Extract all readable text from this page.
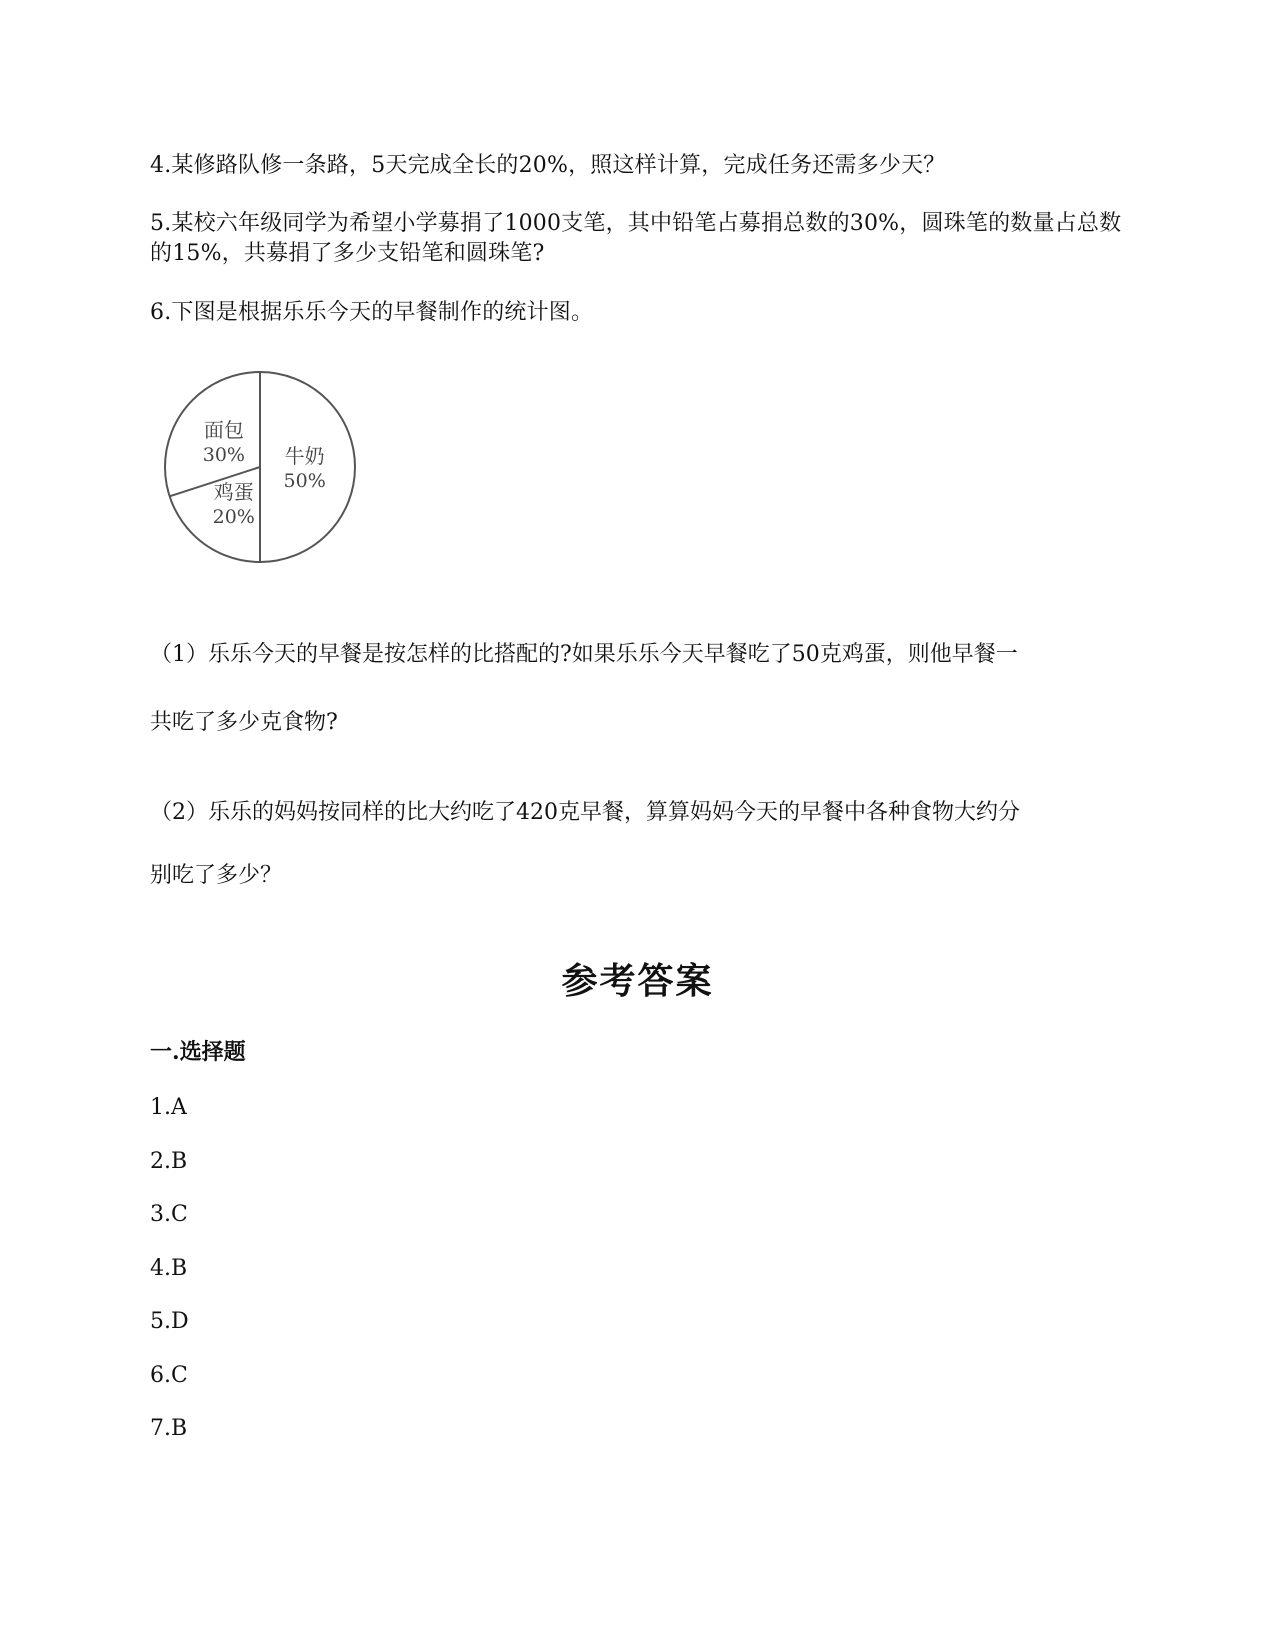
4.某修路队修一条路，5天完成全长的20%，照这样计算，完成任务还需多少天？
5.某校六年级同学为希望小学募捐了1000支笔，其中铅笔占募捐总数的30%，圆珠笔的数量占总数的15%，共募捐了多少支铅笔和圆珠笔?
6.下图是根据乐乐今天的早餐制作的统计图。
牛奶
50%
鸡蛋
20%
面包
30%
（1）乐乐今天的早餐是按怎样的比搭配的?如果乐乐今天早餐吃了50克鸡蛋，则他早餐一
共吃了多少克食物?
（2）乐乐的妈妈按同样的比大约吃了420克早餐，算算妈妈今天的早餐中各种食物大约分
别吃了多少？
参考答案
一.选择题
1.A
2.B
3.C
4.B
5.D
6.C
7.B
